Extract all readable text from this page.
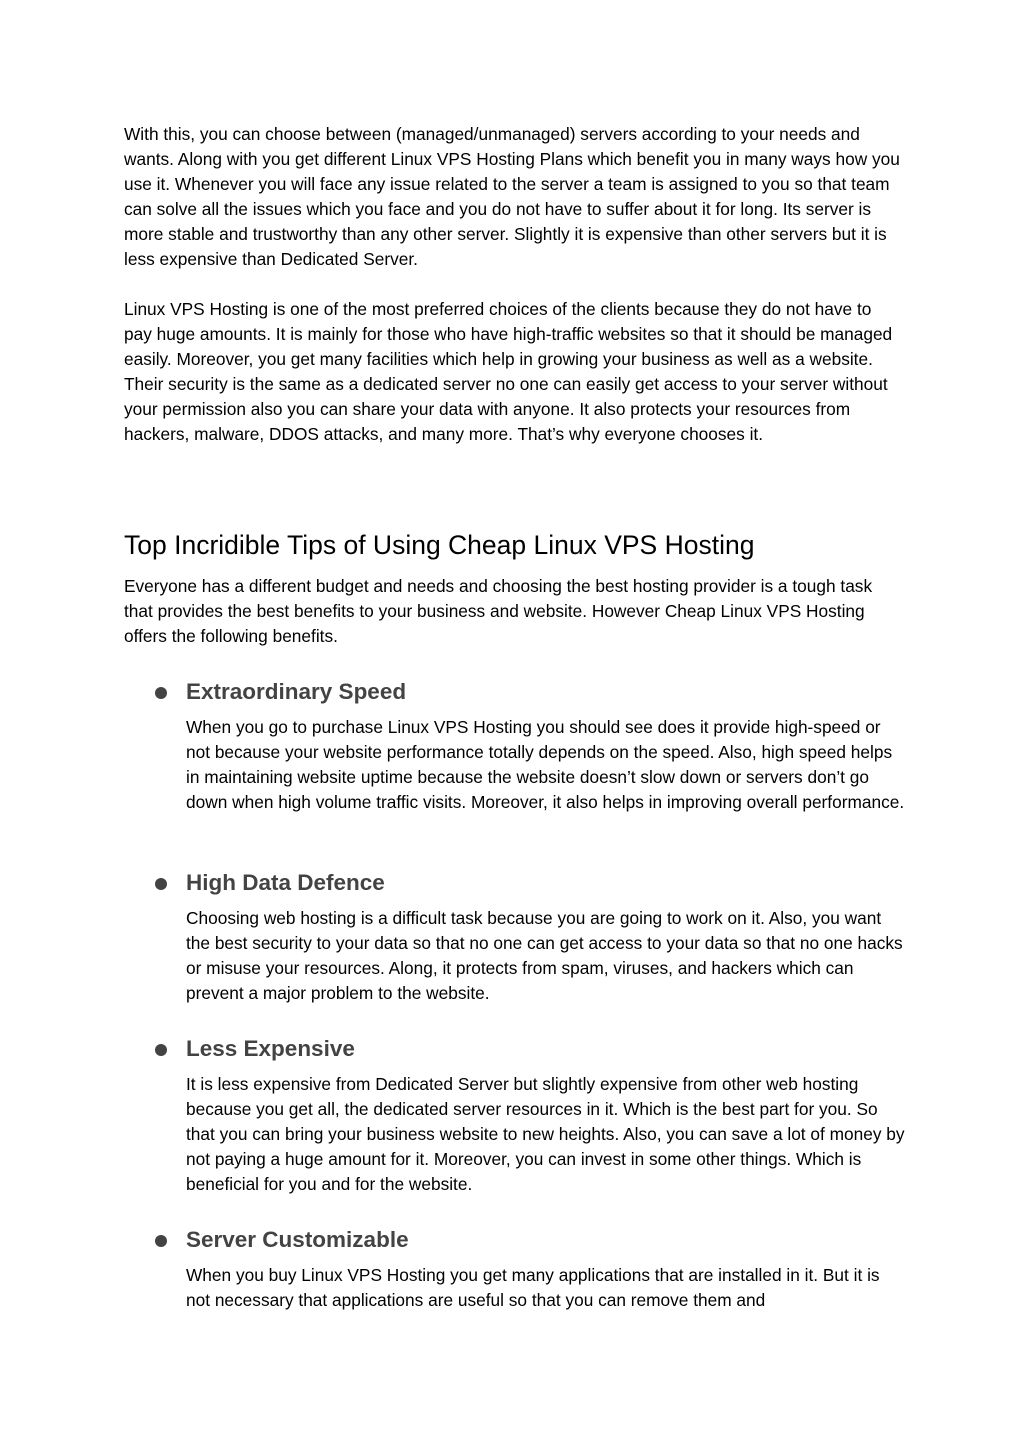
With this, you can choose between (managed/unmanaged) servers according to your needs and wants. Along with you get different Linux VPS Hosting Plans which benefit you in many ways how you use it. Whenever you will face any issue related to the server a team is assigned to you so that team can solve all the issues which you face and you do not have to suffer about it for long. Its server is more stable and trustworthy than any other server. Slightly it is expensive than other servers but it is less expensive than Dedicated Server.

Linux VPS Hosting is one of the most preferred choices of the clients because they do not have to pay huge amounts. It is mainly for those who have high-traffic websites so that it should be managed easily. Moreover, you get many facilities which help in growing your business as well as a website. Their security is the same as a dedicated server no one can easily get access to your server without your permission also you can share your data with anyone. It also protects your resources from hackers, malware, DDOS attacks, and many more. That’s why everyone chooses it.

Top Incridible Tips of Using Cheap Linux VPS Hosting

Everyone has a different budget and needs and choosing the best hosting provider is a tough task that provides the best benefits to your business and website. However Cheap Linux VPS Hosting offers the following benefits.

Extraordinary Speed

When you go to purchase Linux VPS Hosting you should see does it provide high-speed or not because your website performance totally depends on the speed. Also, high speed helps in maintaining website uptime because the website doesn’t slow down or servers don’t go down when high volume traffic visits. Moreover, it also helps in improving overall performance.

High Data Defence

Choosing web hosting is a difficult task because you are going to work on it. Also, you want the best security to your data so that no one can get access to your data so that no one hacks or misuse your resources. Along, it protects from spam, viruses, and hackers which can prevent a major problem to the website.

Less Expensive

It is less expensive from Dedicated Server but slightly expensive from other web hosting because you get all, the dedicated server resources in it. Which is the best part for you. So that you can bring your business website to new heights. Also, you can save a lot of money by not paying a huge amount for it. Moreover, you can invest in some other things. Which is beneficial for you and for the website.

Server Customizable

When you buy Linux VPS Hosting you get many applications that are installed in it. But it is not necessary that applications are useful so that you can remove them and
